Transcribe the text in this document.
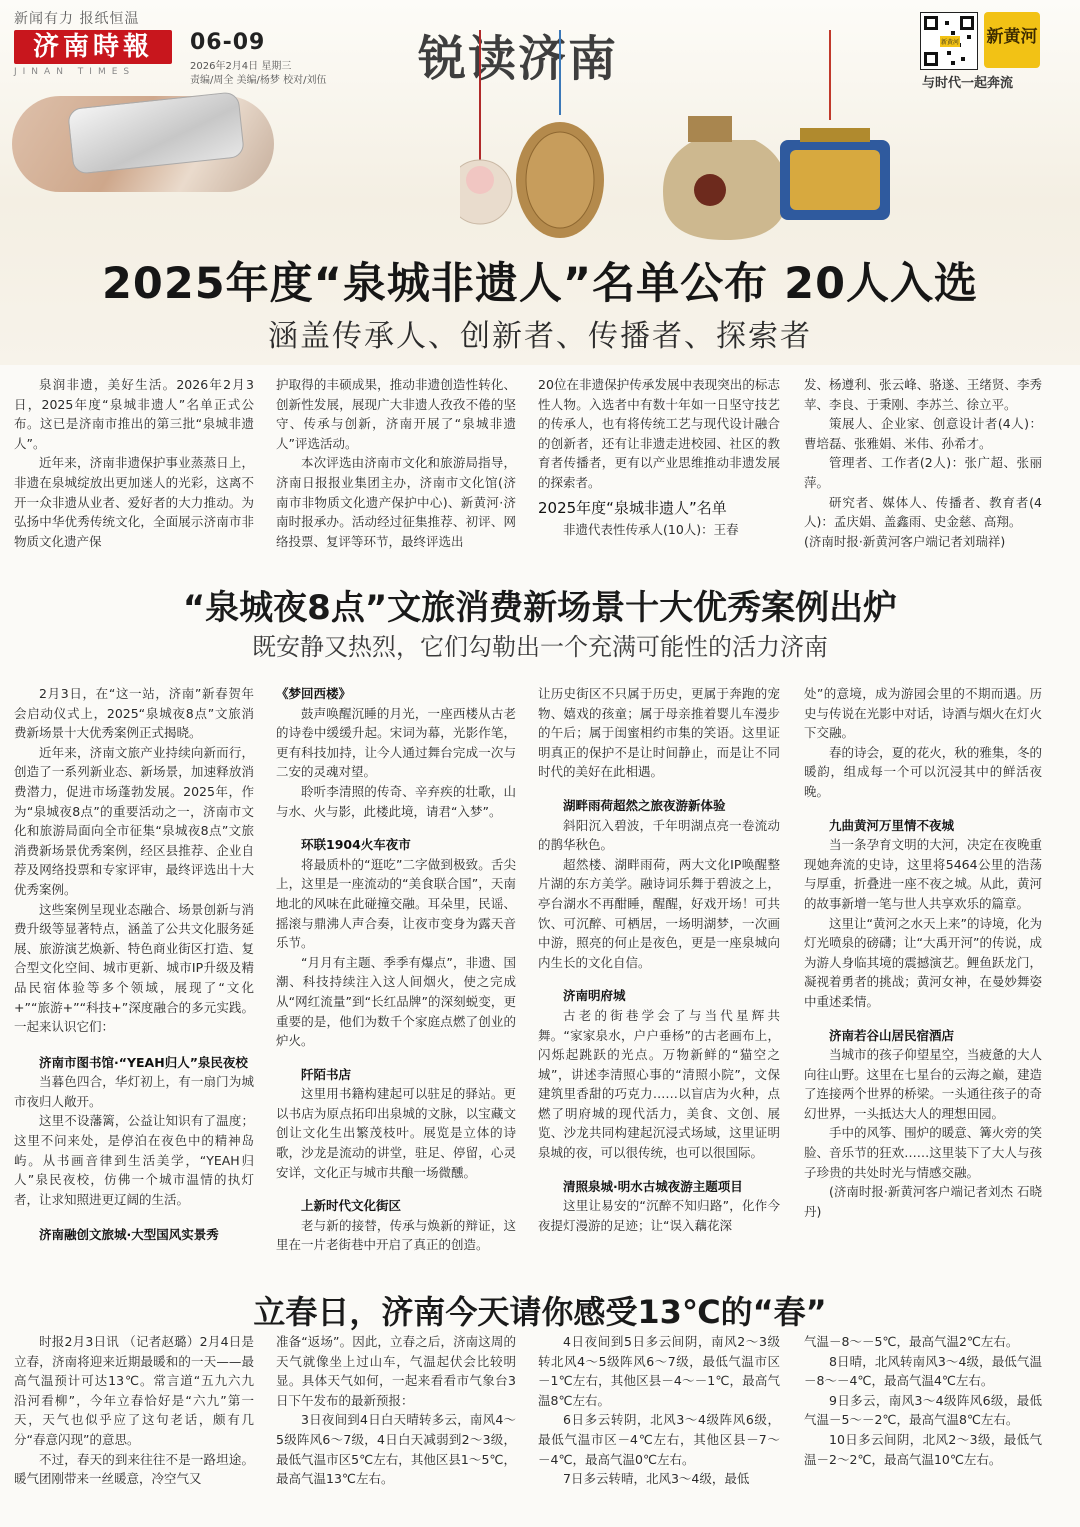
新闻有力 报纸恒温
济南時報
JINAN TIMES
06-09
2026年2月4日 星期三
责编/周全 美编/杨梦 校对/刘伍 锐读济南	新黄河 新黄河
与时代一起奔流
2025年度“泉城非遗人”名单公布 20人入选
涵盖传承人、创新者、传播者、探索者

泉润非遗，美好生活。2026年2月3日，2025年度“泉城非遗人”名单正式公布。这已是济南市推出的第三批“泉城非遗人”。

近年来，济南非遗保护事业蒸蒸日上，非遗在泉城绽放出更加迷人的光彩，这离不开一众非遗从业者、爱好者的大力推动。为弘扬中华优秀传统文化，全面展示济南市非物质文化遗产保

护取得的丰硕成果，推动非遗创造性转化、创新性发展，展现广大非遗人孜孜不倦的坚守、传承与创新，济南开展了“泉城非遗人”评选活动。

本次评选由济南市文化和旅游局指导，济南日报报业集团主办，济南市文化馆(济南市非物质文化遗产保护中心)、新黄河·济南时报承办。活动经过征集推荐、初评、网络投票、复评等环节，最终评选出

20位在非遗保护传承发展中表现突出的标志性人物。入选者中有数十年如一日坚守技艺的传承人，也有将传统工艺与现代设计融合的创新者，还有让非遗走进校园、社区的教育者传播者，更有以产业思维推动非遗发展的探索者。

2025年度“泉城非遗人”名单

非遗代表性传承人(10人)：王春

发、杨遵利、张云峰、骆遂、王绪贤、李秀苹、李良、于秉刚、李苏兰、徐立平。

策展人、企业家、创意设计者(4人)：曹培磊、张雅娟、米伟、孙希才。

管理者、工作者(2人)：张广超、张丽萍。

研究者、媒体人、传播者、教育者(4人)：孟庆娟、盖鑫雨、史金慈、高翔。

(济南时报·新黄河客户端记者刘瑞祥)

“泉城夜8点”文旅消费新场景十大优秀案例出炉
既安静又热烈，它们勾勒出一个充满可能性的活力济南

2月3日，在“这一站，济南”新春贺年会启动仪式上，2025“泉城夜8点”文旅消费新场景十大优秀案例正式揭晓。

近年来，济南文旅产业持续向新而行，创造了一系列新业态、新场景，加速释放消费潜力，促进市场蓬勃发展。2025年，作为“泉城夜8点”的重要活动之一，济南市文化和旅游局面向全市征集“泉城夜8点”文旅消费新场景优秀案例，经区县推荐、企业自荐及网络投票和专家评审，最终评选出十大优秀案例。

这些案例呈现业态融合、场景创新与消费升级等显著特点，涵盖了公共文化服务延展、旅游演艺焕新、特色商业街区打造、复合型文化空间、城市更新、城市IP升级及精品民宿体验等多个领域，展现了“文化+”“旅游+”“科技+”深度融合的多元实践。一起来认识它们：

济南市图书馆·“YEAH归人”泉民夜校

当暮色四合，华灯初上，有一扇门为城市夜归人敞开。

这里不设藩篱，公益让知识有了温度；这里不问来处，是停泊在夜色中的精神岛屿。从书画音律到生活美学，“YEAH归人”泉民夜校，仿佛一个城市温情的执灯者，让求知照进更辽阔的生活。

济南融创文旅城·大型国风实景秀

《梦回西楼》

鼓声唤醒沉睡的月光，一座西楼从古老的诗卷中缓缓升起。宋词为幕，光影作笔，更有科技加持，让今人通过舞台完成一次与二安的灵魂对望。

聆听李清照的传奇、辛弃疾的壮歌，山与水、火与影，此楼此境，请君“入梦”。

环联1904火车夜市

将最质朴的“逛吃”二字做到极致。舌尖上，这里是一座流动的“美食联合国”，天南地北的风味在此碰撞交融。耳朵里，民谣、摇滚与鼎沸人声合奏，让夜市变身为露天音乐节。

“月月有主题、季季有爆点”，非遗、国潮、科技持续注入这人间烟火，使之完成从“网红流量”到“长红品牌”的深刻蜕变，更重要的是，他们为数千个家庭点燃了创业的炉火。

阡陌书店

这里用书籍构建起可以驻足的驿站。更以书店为原点拓印出泉城的文脉，以宝藏文创让文化生出繁茂枝叶。展览是立体的诗歌，沙龙是流动的讲堂，驻足、停留，心灵安详，文化正与城市共酿一场微醺。

上新时代文化街区

老与新的接替，传承与焕新的辩证，这里在一片老街巷中开启了真正的创造。

让历史街区不只属于历史，更属于奔跑的宠物、嬉戏的孩童；属于母亲推着婴儿车漫步的午后；属于闺蜜相约市集的笑语。这里证明真正的保护不是让时间静止，而是让不同时代的美好在此相遇。

湖畔雨荷超然之旅夜游新体验

斜阳沉入碧波，千年明湖点亮一卷流动的鹊华秋色。

超然楼、湖畔雨荷，两大文化IP唤醒整片湖的东方美学。融诗词乐舞于碧波之上，亭台湖水不再酣睡，醒醒，好戏开场！可共饮、可沉醉、可栖居，一场明湖梦，一次画中游，照亮的何止是夜色，更是一座泉城向内生长的文化自信。

济南明府城

古老的街巷学会了与当代星辉共舞。“家家泉水，户户垂杨”的古老画布上，闪烁起跳跃的光点。万物新鲜的“猫空之城”，讲述李清照心事的“清照小院”，文保建筑里香甜的巧克力……以盲店为火种，点燃了明府城的现代活力，美食、文创、展览、沙龙共同构建起沉浸式场域，这里证明泉城的夜，可以很传统，也可以很国际。

清照泉城·明水古城夜游主题项目

这里让易安的“沉醉不知归路”，化作今夜提灯漫游的足迹；让“误入藕花深

处”的意境，成为游园会里的不期而遇。历史与传说在光影中对话，诗酒与烟火在灯火下交融。

春的诗会，夏的花火，秋的雅集，冬的暖韵，组成每一个可以沉浸其中的鲜活夜晚。

九曲黄河万里情不夜城

当一条孕育文明的大河，决定在夜晚重现她奔流的史诗，这里将5464公里的浩荡与厚重，折叠进一座不夜之城。从此，黄河的故事新增一笔与世人共享欢乐的篇章。

这里让“黄河之水天上来”的诗境，化为灯光喷泉的磅礴；让“大禹开河”的传说，成为游人身临其境的震撼演艺。鲤鱼跃龙门，凝视着勇者的挑战；黄河女神，在曼妙舞姿中重述柔情。

济南若谷山居民宿酒店

当城市的孩子仰望星空，当疲惫的大人向往山野。这里在七星台的云海之巅，建造了连接两个世界的桥梁。一头通往孩子的奇幻世界，一头抵达大人的理想田园。

手中的风筝、围炉的暖意、篝火旁的笑脸、音乐节的狂欢……这里装下了大人与孩子珍贵的共处时光与情感交融。

(济南时报·新黄河客户端记者刘杰 石晓丹)

立春日，济南今天请你感受13℃的“春”

时报2月3日讯 （记者赵璐）2月4日是立春，济南将迎来近期最暖和的一天——最高气温预计可达13℃。常言道“五九六九 沿河看柳”，今年立春恰好是“六九”第一天，天气也似乎应了这句老话，颇有几分“春意闪现”的意思。

不过，春天的到来往往不是一路坦途。暖气团刚带来一丝暖意，冷空气又

准备“返场”。因此，立春之后，济南这周的天气就像坐上过山车，气温起伏会比较明显。具体天气如何，一起来看看市气象台3日下午发布的最新预报：

3日夜间到4日白天晴转多云，南风4～5级阵风6～7级，4日白天减弱到2～3级，最低气温市区5℃左右，其他区县1～5℃，最高气温13℃左右。

4日夜间到5日多云间阴，南风2～3级转北风4～5级阵风6～7级，最低气温市区－1℃左右，其他区县－4～－1℃，最高气温8℃左右。

6日多云转阴，北风3～4级阵风6级，最低气温市区－4℃左右，其他区县－7～－4℃，最高气温0℃左右。

7日多云转晴，北风3～4级，最低

气温－8～－5℃，最高气温2℃左右。

8日晴，北风转南风3～4级，最低气温－8～－4℃，最高气温4℃左右。

9日多云，南风3～4级阵风6级，最低气温－5～－2℃，最高气温8℃左右。

10日多云间阴，北风2～3级，最低气温－2～2℃，最高气温10℃左右。
